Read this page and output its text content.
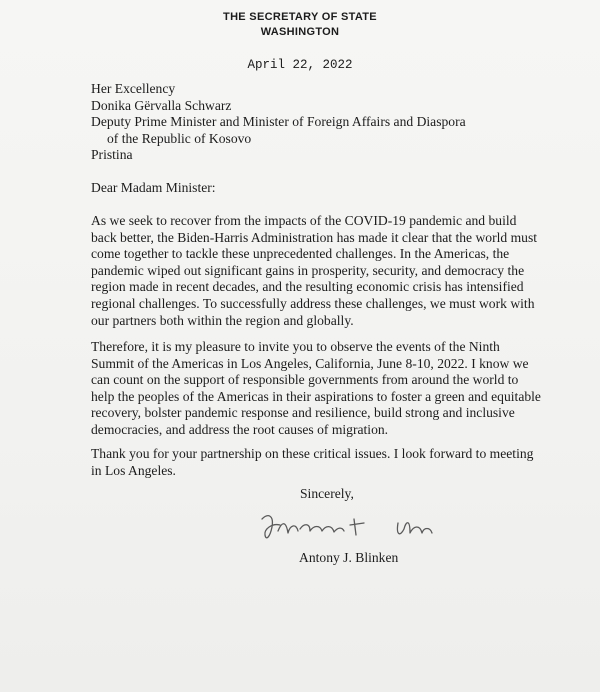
THE SECRETARY OF STATE
WASHINGTON
April 22, 2022
Her Excellency
Donika Gërvalla Schwarz
Deputy Prime Minister and Minister of Foreign Affairs and Diaspora
of the Republic of Kosovo
Pristina
Dear Madam Minister:
As we seek to recover from the impacts of the COVID-19 pandemic and build back better, the Biden-Harris Administration has made it clear that the world must come together to tackle these unprecedented challenges. In the Americas, the pandemic wiped out significant gains in prosperity, security, and democracy the region made in recent decades, and the resulting economic crisis has intensified regional challenges. To successfully address these challenges, we must work with our partners both within the region and globally.
Therefore, it is my pleasure to invite you to observe the events of the Ninth Summit of the Americas in Los Angeles, California, June 8-10, 2022. I know we can count on the support of responsible governments from around the world to help the peoples of the Americas in their aspirations to foster a green and equitable recovery, bolster pandemic response and resilience, build strong and inclusive democracies, and address the root causes of migration.
Thank you for your partnership on these critical issues. I look forward to meeting in Los Angeles.
Sincerely,
Antony J. Blinken
